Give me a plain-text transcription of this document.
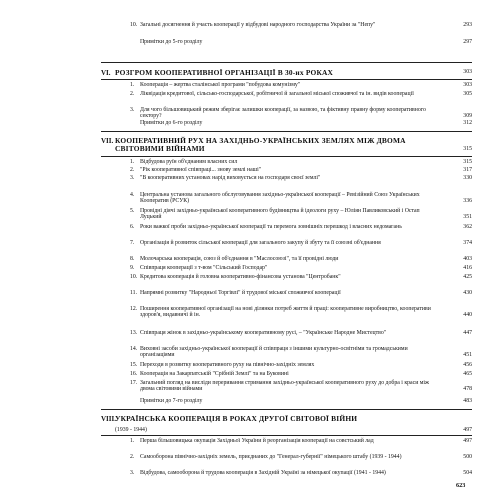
10. Загальні досягнення й участь кооперації у відбудові народного господарства України за "Непу"	293
Примітки до 5-го розділу	297
VI. РОЗГРОМ КООПЕРАТИВНОЇ ОРГАНІЗАЦІЇ В 30-их РОКАХ	303
1. Кооперація – жертва сталінської програми "побудова комунізму"	303
2. Ліквідація кредитової, сільсько-господарської, робітничої й загальної міської споживчої та ін. видів кооперації	305
3. Для чого більшовицький режим зберігає залишки кооперації, за назвою, та фіктивну правну форму кооперативного сектору?	309
Примітки до 6-го розділу	312
VII. КООПЕРАТИВНИЙ РУХ НА ЗАХІДНЬО-УКРАЇНСЬКИХ ЗЕМЛЯХ МІЖ ДВОМА СВІТОВИМИ ВІЙНАМИ	315
1. Відбудова руїн об'єднаним власних сил	315
2. "Рік кооперативної співпраці... знову землі наші"	317
3. "В кооперативних установах нарід виховується на господаря своєї землі"	330
4. Центральна установа загального обслуговування західньо-української кооперації – Ревізійний Союз Українських Кооператив (РСУК)	336
5. Провідні діячі західньо-української кооперативного будівництва й ідеологи руху – Юліян Павликовський і Остап Луцький	351
6. Роки важкої проби західньо-української кооперації та перемога зовнішніх перешкод і власних недомагань	362
7. Організація й розвиток сільської кооперації для загального закупу й збуту та її союзні об'єднання	374
8. Молочарська кооперація, союз й об'єднання в "Маслосоюзі", та її провідні люди	403
9. Співпраця кооперації з т-вом "Сільський Господар"	416
10. Кредитова кооперація й головна кооперативно-фінансова установа "Центробанк"	425
11. Напрямні розвитку "Народньої Торгівлі" й трудової міської споживчої кооперації	430
12. Поширення кооперативної організації на нові ділянки потреб життя й праці: кооперативне виробництво, кооперативи здоров'я, видавничі й ін.	440
13. Співпраця жінок в західньо-українському кооперативному русі, – "Українське Народне Мистецтво"	447
14. Виховні засоби західньо-української кооперації й співпраця з іншими культурно-освітніми та громадськими організаціями	451
15. Переходи в розвитку кооперативного руху на північно-західніх землях	456
16. Кооперація на Закарпатській "Срібній Землі" та на Буковині	465
17. Загальний погляд на висліди переривання стримання західньо-української кооперативного руху до добра і краси між двома світовими війнами	478
Примітки до 7-го розділу	483
VIII. УКРАЇНСЬКА КООПЕРАЦІЯ В РОКАХ ДРУГОЇ СВІТОВОЇ ВІЙНИ
(1939 - 1944)	497
1. Перша більшовицька окупація Західньої України й реорганізація кооперації на совєтський лад	497
2. Самооборона північно-західніх земель, приєднаних до "Генерал-губернії" німецького штабу (1939 - 1944)	500
3. Відбудова, самооборона й трудова кооперація в Західній Україні за німецької окупації (1941 - 1944)	504
623
